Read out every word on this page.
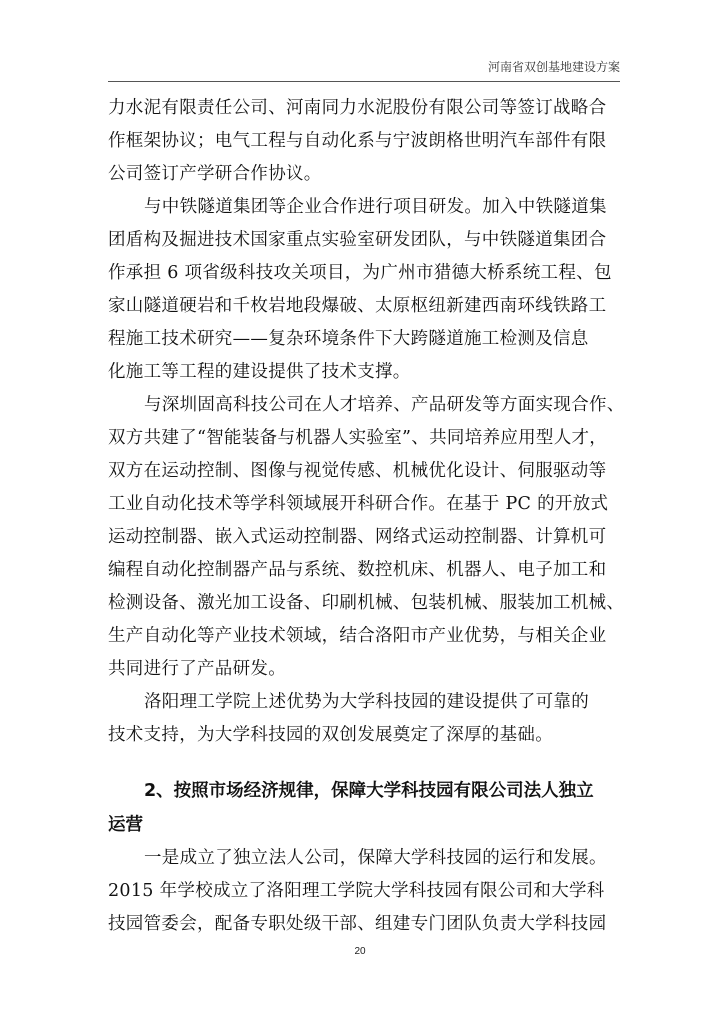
河南省双创基地建设方案
力水泥有限责任公司、河南同力水泥股份有限公司等签订战略合
作框架协议；电气工程与自动化系与宁波朗格世明汽车部件有限
公司签订产学研合作协议。
与中铁隧道集团等企业合作进行项目研发。加入中铁隧道集
团盾构及掘进技术国家重点实验室研发团队，与中铁隧道集团合
作承担 6 项省级科技攻关项目，为广州市猎德大桥系统工程、包
家山隧道硬岩和千枚岩地段爆破、太原枢纽新建西南环线铁路工
程施工技术研究——复杂环境条件下大跨隧道施工检测及信息
化施工等工程的建设提供了技术支撑。
与深圳固高科技公司在人才培养、产品研发等方面实现合作、
双方共建了“智能装备与机器人实验室”、共同培养应用型人才，
双方在运动控制、图像与视觉传感、机械优化设计、伺服驱动等
工业自动化技术等学科领域展开科研合作。在基于 PC 的开放式
运动控制器、嵌入式运动控制器、网络式运动控制器、计算机可
编程自动化控制器产品与系统、数控机床、机器人、电子加工和
检测设备、激光加工设备、印刷机械、包装机械、服装加工机械、
生产自动化等产业技术领域，结合洛阳市产业优势，与相关企业
共同进行了产品研发。
洛阳理工学院上述优势为大学科技园的建设提供了可靠的
技术支持，为大学科技园的双创发展奠定了深厚的基础。
2、按照市场经济规律，保障大学科技园有限公司法人独立
运营
一是成立了独立法人公司，保障大学科技园的运行和发展。
2015 年学校成立了洛阳理工学院大学科技园有限公司和大学科
技园管委会，配备专职处级干部、组建专门团队负责大学科技园
20
